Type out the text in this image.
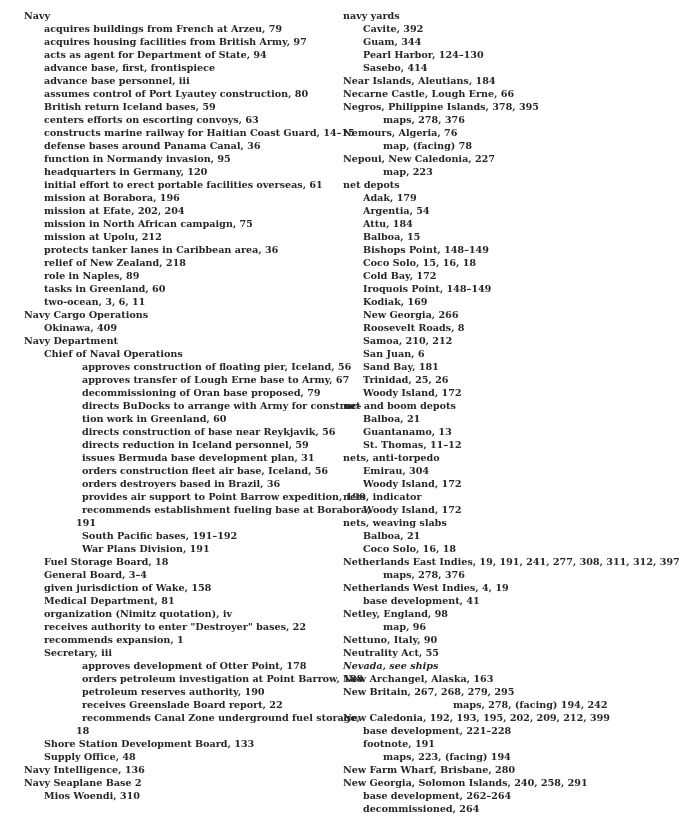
Navy
acquires buildings from French at Arzeu, 79
acquires housing facilities from British Army, 97
acts as agent for Department of State, 94
advance base, first, frontispiece
advance base personnel, iii
assumes control of Port Lyautey construction, 80
British return Iceland bases, 59
centers efforts on escorting convoys, 63
constructs marine railway for Haitian Coast Guard, 14–15
defense bases around Panama Canal, 36
function in Normandy invasion, 95
headquarters in Germany, 120
initial effort to erect portable facilities overseas, 61
mission at Borabora, 196
mission at Efate, 202, 204
mission in North African campaign, 75
mission at Upolu, 212
protects tanker lanes in Caribbean area, 36
relief of New Zealand, 218
role in Naples, 89
tasks in Greenland, 60
two-ocean, 3, 6, 11
Navy Cargo Operations
Okinawa, 409
Navy Department
Chief of Naval Operations
approves construction of floating pier, Iceland, 56
approves transfer of Lough Erne base to Army, 67
decommissioning of Oran base proposed, 79
directs BuDocks to arrange with Army for construc-
tion work in Greenland, 60
directs construction of base near Reykjavik, 56
directs reduction in Iceland personnel, 59
issues Bermuda base development plan, 31
orders construction fleet air base, Iceland, 56
orders destroyers based in Brazil, 36
provides air support to Point Barrow expedition, 190
recommends establishment fueling base at Borabora,
191
South Pacific bases, 191–192
War Plans Division, 191
Fuel Storage Board, 18
General Board, 3–4
given jurisdiction of Wake, 158
Medical Department, 81
organization (Nimitz quotation), iv
receives authority to enter "Destroyer" bases, 22
recommends expansion, 1
Secretary, iii
approves development of Otter Point, 178
orders petroleum investigation at Point Barrow, 188
petroleum reserves authority, 190
receives Greenslade Board report, 22
recommends Canal Zone underground fuel storage,
18
Shore Station Development Board, 133
Supply Office, 48
Navy Intelligence, 136
Navy Seaplane Base 2
Mios Woendi, 310
navy yards
Cavite, 392
Guam, 344
Pearl Harbor, 124–130
Sasebo, 414
Near Islands, Aleutians, 184
Necarne Castle, Lough Erne, 66
Negros, Philippine Islands, 378, 395
maps, 278, 376
Nemours, Algeria, 76
map, (facing) 78
Nepoui, New Caledonia, 227
map, 223
net depots
Adak, 179
Argentia, 54
Attu, 184
Balboa, 15
Bishops Point, 148–149
Coco Solo, 15, 16, 18
Cold Bay, 172
Iroquois Point, 148–149
Kodiak, 169
New Georgia, 266
Roosevelt Roads, 8
Samoa, 210, 212
San Juan, 6
Sand Bay, 181
Trinidad, 25, 26
Woody Island, 172
net and boom depots
Balboa, 21
Guantanamo, 13
St. Thomas, 11–12
nets, anti-torpedo
Emirau, 304
Woody Island, 172
nets, indicator
Woody Island, 172
nets, weaving slabs
Balboa, 21
Coco Solo, 16, 18
Netherlands East Indies, 19, 191, 241, 277, 308, 311, 312, 397
maps, 278, 376
Netherlands West Indies, 4, 19
base development, 41
Netley, England, 98
map, 96
Nettuno, Italy, 90
Neutrality Act, 55
Nevada, see ships
New Archangel, Alaska, 163
New Britain, 267, 268, 279, 295
maps, 278, (facing) 194, 242
New Caledonia, 192, 193, 195, 202, 209, 212, 399
base development, 221–228
footnote, 191
maps, 223, (facing) 194
New Farm Wharf, Brisbane, 280
New Georgia, Solomon Islands, 240, 258, 291
base development, 262–264
decommissioned, 264
